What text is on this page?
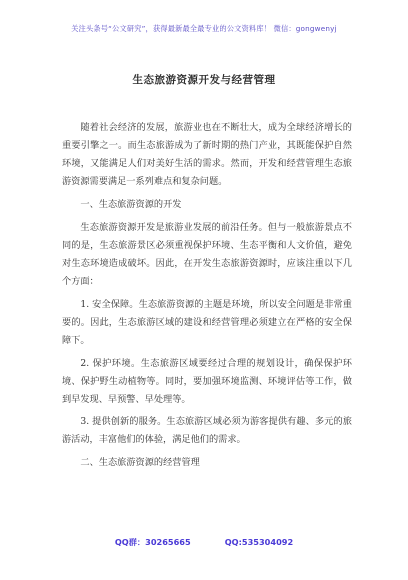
关注头条号“公文研究”，获得最新最全最专业的公文资料库！ 微信：gongwenyj
生态旅游资源开发与经营管理

随着社会经济的发展，旅游业也在不断壮大，成为全球经济增长的重要引擎之一。而生态旅游成为了新时期的热门产业，其既能保护自然环境，又能满足人们对美好生活的需求。然而，开发和经营管理生态旅游资源需要满足一系列难点和复杂问题。

一、生态旅游资源的开发

生态旅游资源开发是旅游业发展的前沿任务。但与一般旅游景点不同的是，生态旅游景区必须重视保护环境、生态平衡和人文价值，避免对生态环境造成破坏。因此，在开发生态旅游资源时，应该注重以下几个方面：

1. 安全保障。生态旅游资源的主题是环境，所以安全问题是非常重要的。因此，生态旅游区域的建设和经营管理必须建立在严格的安全保障下。

2. 保护环境。生态旅游区域要经过合理的规划设计，确保保护环境、保护野生动植物等。同时，要加强环境监测、环境评估等工作，做到早发现、早预警、早处理等。

3. 提供创新的服务。生态旅游区域必须为游客提供有趣、多元的旅游活动，丰富他们的体验，满足他们的需求。

二、生态旅游资源的经营管理

QQ群：30265665	QQ:535304092
